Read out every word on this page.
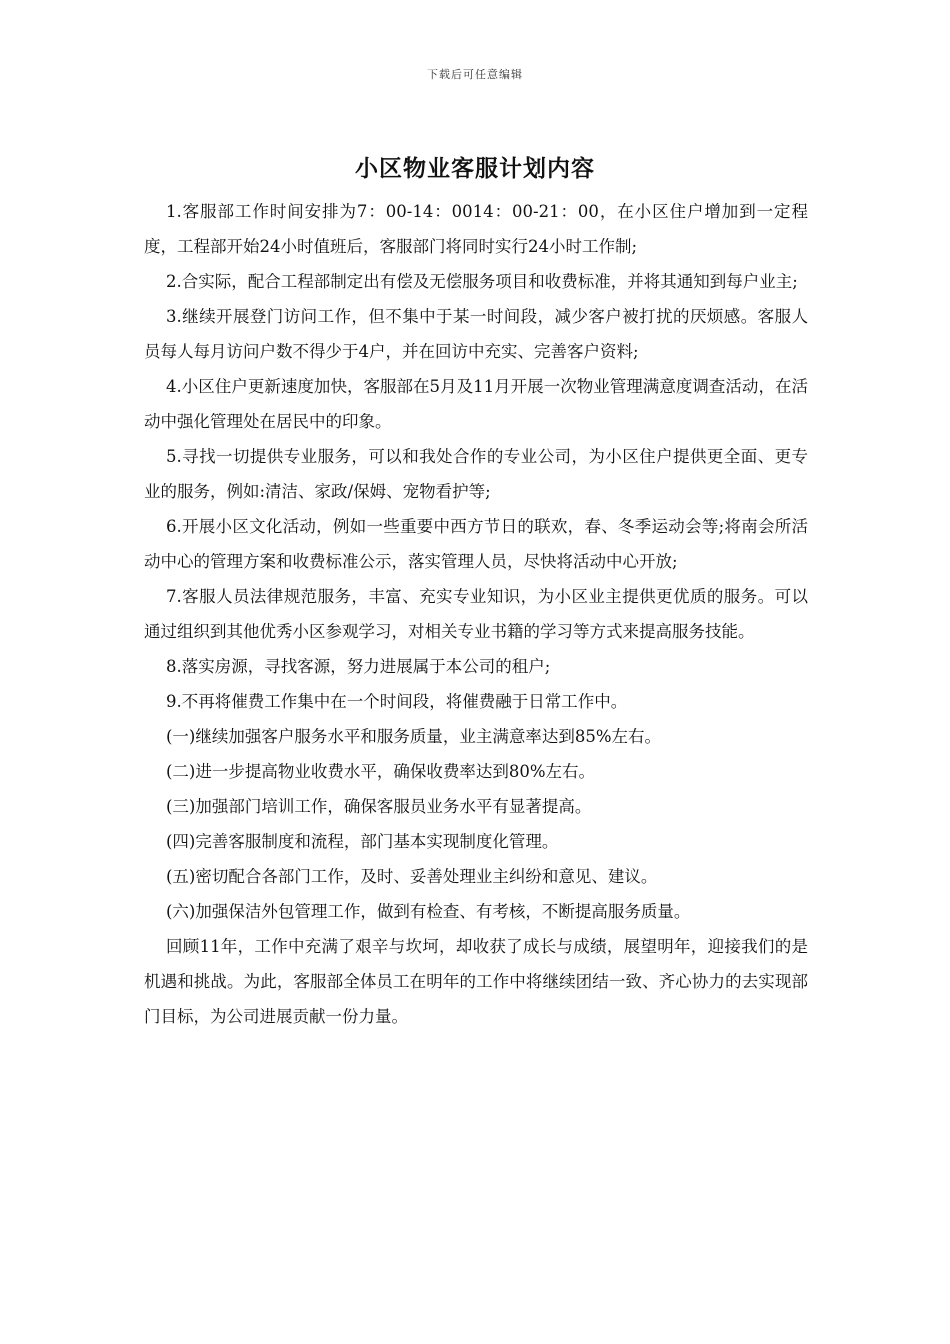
下载后可任意编辑
小区物业客服计划内容

1.客服部工作时间安排为7：00-14：0014：00-21：00，在小区住户增加到一定程度，工程部开始24小时值班后，客服部门将同时实行24小时工作制;

2.合实际，配合工程部制定出有偿及无偿服务项目和收费标准，并将其通知到每户业主;

3.继续开展登门访问工作，但不集中于某一时间段，减少客户被打扰的厌烦感。客服人员每人每月访问户数不得少于4户，并在回访中充实、完善客户资料;

4.小区住户更新速度加快，客服部在5月及11月开展一次物业管理满意度调查活动，在活动中强化管理处在居民中的印象。

5.寻找一切提供专业服务，可以和我处合作的专业公司，为小区住户提供更全面、更专业的服务，例如:清洁、家政/保姆、宠物看护等;

6.开展小区文化活动，例如一些重要中西方节日的联欢，春、冬季运动会等;将南会所活动中心的管理方案和收费标准公示，落实管理人员，尽快将活动中心开放;

7.客服人员法律规范服务，丰富、充实专业知识，为小区业主提供更优质的服务。可以通过组织到其他优秀小区参观学习，对相关专业书籍的学习等方式来提高服务技能。

8.落实房源，寻找客源，努力进展属于本公司的租户;

9.不再将催费工作集中在一个时间段，将催费融于日常工作中。

(一)继续加强客户服务水平和服务质量，业主满意率达到85%左右。

(二)进一步提高物业收费水平，确保收费率达到80%左右。

(三)加强部门培训工作，确保客服员业务水平有显著提高。

(四)完善客服制度和流程，部门基本实现制度化管理。

(五)密切配合各部门工作，及时、妥善处理业主纠纷和意见、建议。

(六)加强保洁外包管理工作，做到有检查、有考核，不断提高服务质量。

回顾11年，工作中充满了艰辛与坎坷，却收获了成长与成绩，展望明年，迎接我们的是机遇和挑战。为此，客服部全体员工在明年的工作中将继续团结一致、齐心协力的去实现部门目标，为公司进展贡献一份力量。
